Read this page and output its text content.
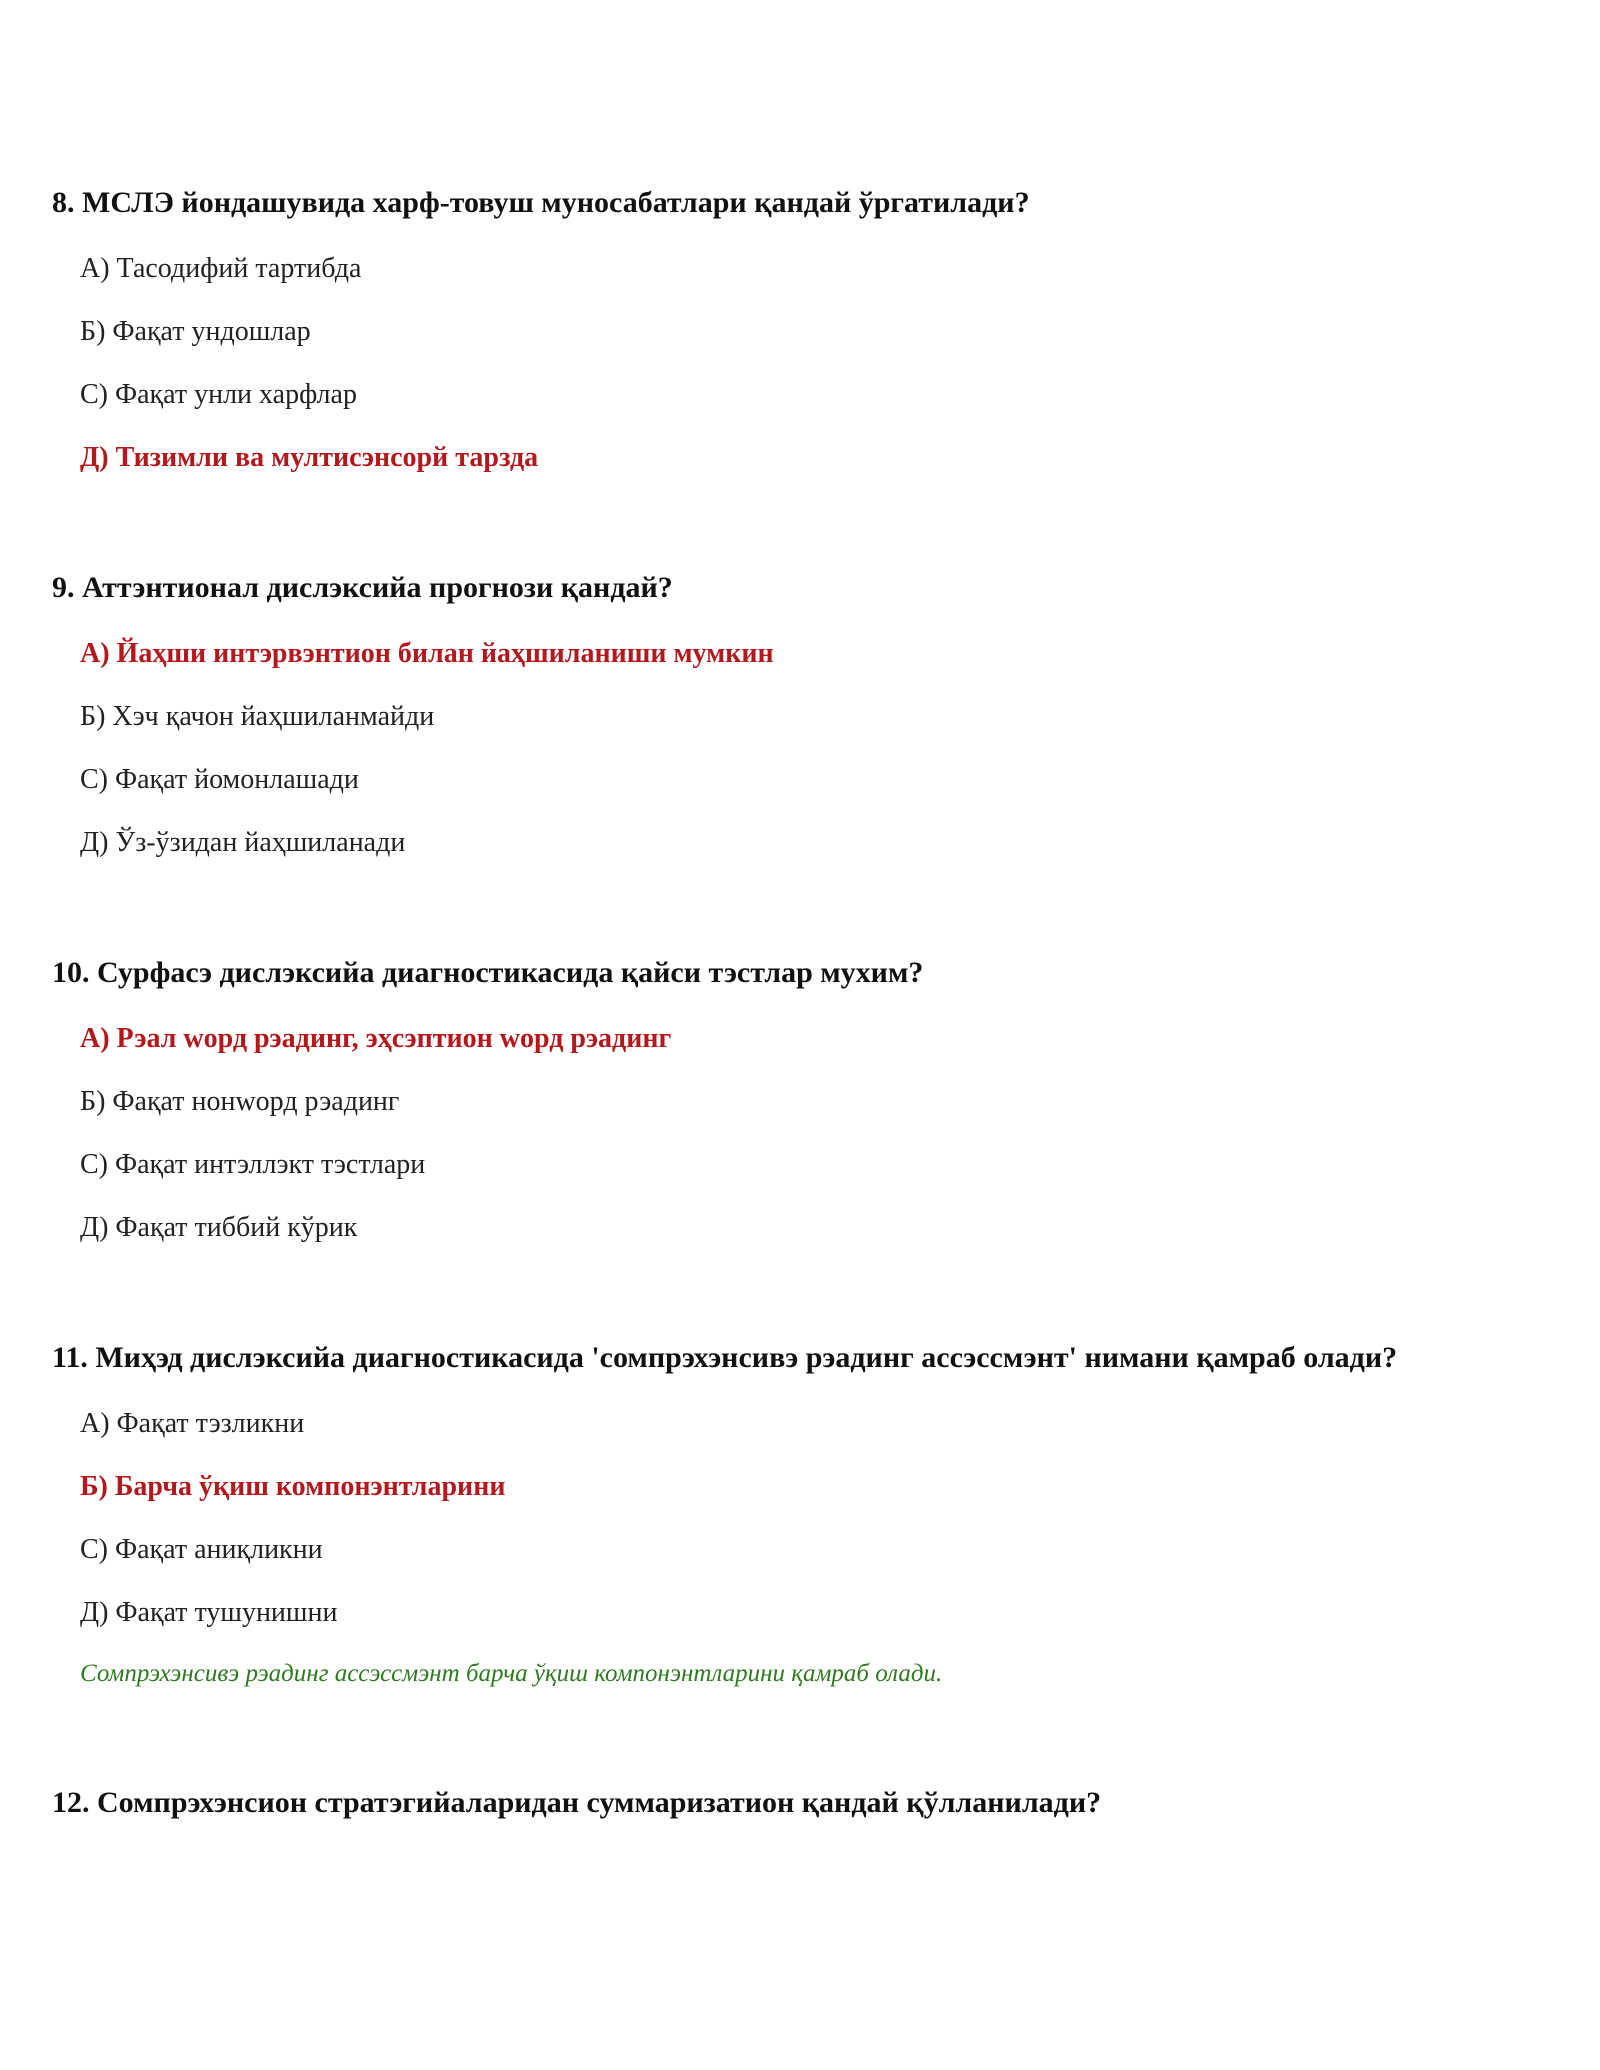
8. МСЛЭ йондашувида харф-товуш муносабатлари қандай ўргатилади?
А) Тасодифий тартибда
Б) Фақат ундошлар
С) Фақат унли харфлар
Д) Тизимли ва мултисэнсорй тарзда
9. Аттэнтионал дислэксийа прогнози қандай?
А) Йаҳши интэрвэнтион билан йаҳшиланиши мумкин
Б) Хэч қачон йаҳшиланмайди
С) Фақат йомонлашади
Д) Ўз-ўзидан йаҳшиланади
10. Сурфасэ дислэксийа диагностикасида қайси тэстлар мухим?
А) Рэал wорд рэадинг, эҳсэптион wорд рэадинг
Б) Фақат нонwорд рэадинг
С) Фақат интэллэкт тэстлари
Д) Фақат тиббий кўрик
11. Миҳэд дислэксийа диагностикасида 'сомпрэхэнсивэ рэадинг ассэссмэнт' нимани қамраб олади?
А) Фақат тэзликни
Б) Барча ўқиш компонэнтларини
С) Фақат аниқликни
Д) Фақат тушунишни
Сомпрэхэнсивэ рэадинг ассэссмэнт барча ўқиш компонэнтларини қамраб олади.
12. Сомпрэхэнсион стратэгийаларидан суммаризатион қандай қўлланилади?
